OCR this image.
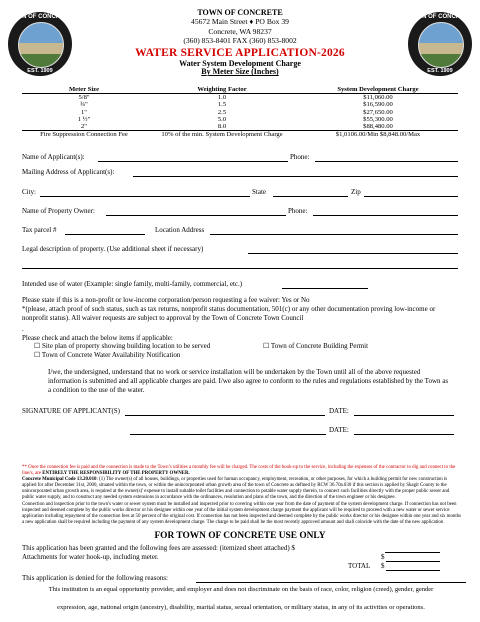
TOWN OF CONCRETE
EST. 1909
TOWN OF CONCRETE
EST. 1909
TOWN OF CONCRETE
45672 Main Street ♦ PO Box 39
Concrete, WA 98237
(360) 853-8401 FAX (360) 853-8002
WATER SERVICE APPLICATION-2026
Water System Development Charge
By Meter Size (Inches)
Meter Size	Weighting Factor	System Development Charge
5/8"	1.0	$11,060.00
¾"	1.5	$16,590.00
1"	2.5	$27,650.00
1 ½"	5.0	$55,300.00
2"	8.0	$88,480.00
Fire Suppression Connection Fee	10% of the min. System Development Charge	$1,0106.00/Min $8,848.00/Max
Name of Applicant(s):	Phone:
Mailing Address of Applicant(s):
City:	State	Zip
Name of Property Owner:	Phone:
Tax parcel #	Location Address
Legal description of property. (Use additional sheet if necessary)
Intended use of water (Example: single family, multi-family, commercial, etc.)
Please state if this is a non-profit or low-income corporation/person requesting a fee waiver: Yes or No
*(please, attach proof of such status, such as tax returns, nonprofit status documentation, 501(c) or any other documentation proving low-income or nonprofit status). All waiver requests are subject to approval by the Town of Concrete Town Council
.
Please check and attach the below items if applicable:
☐ Site plan of property showing building location to be served	☐ Town of Concrete Building Permit
☐ Town of Concrete Water Availability Notification
I/we, the undersigned, understand that no work or service installation will be undertaken by the Town until all of the above requested information is submitted and all applicable charges are paid. I/we also agree to conform to the rules and regulations established by the Town as a condition to the use of the water.
SIGNATURE OF APPLICANT(S)	DATE:
DATE:
** Once the connection fee is paid and the connection is made to the Town’s utilities a monthly fee will be charged. The costs of the hook-up to the service, including the expenses of the contractor to dig and connect to the line/s, are ENTIRELY THE RESPONSIBILITY OF THE PROPERTY OWNER.
Concrete Municipal Code 13.20.010: (1) The owner(s) of all houses, buildings, or properties used for human occupancy, employment, recreation, or other purposes, for which a building permit for new construction is applied for after December 31st, 2000, situated within the town, or within the unincorporated urban growth area of the town of Concrete as defined by RCW 36.70a.030 if this section is applied by Skagit County to the unincorporated urban growth area, is required at the owner(s)' expense to install suitable toilet facilities and connection to potable water supply therein, to connect such facilities directly with the proper public sewer and public water supply, and to construct any needed system extensions in accordance with the ordinances, resolution and plans of the town, and the direction of the town engineer or his designee.
Connection and inspection prior to the town's water or sewer system must be installed and inspected prior to covering within one year from the date of payment of the system development charge. If connection has not been inspected and deemed complete by the public works director or his designee within one year of the initial system development charge payment the applicant will be required to proceed with a new water or sewer service application including repayment of the connection fees at 50 percent of the original cost. If connection has not been inspected and deemed complete by the public works director or his designee within one year and six months a new application shall be required including the payment of any system development charge. The charge to be paid shall be the most recently approved amount and shall coincide with the date of the new application
FOR TOWN OF CONCRETE USE ONLY
This application has been granted and the following fees are assessed: (itemized sheet attached) $
Attachments for water hook-up, including meter.	$
TOTAL $
This application is denied for the following reasons:
This institution is an equal opportunity provider, and employer and does not discriminate on the basis of race, color, religion (creed), gender, gender
expression, age, national origin (ancestry), disability, marital status, sexual orientation, or military status, in any of its activities or operations.
